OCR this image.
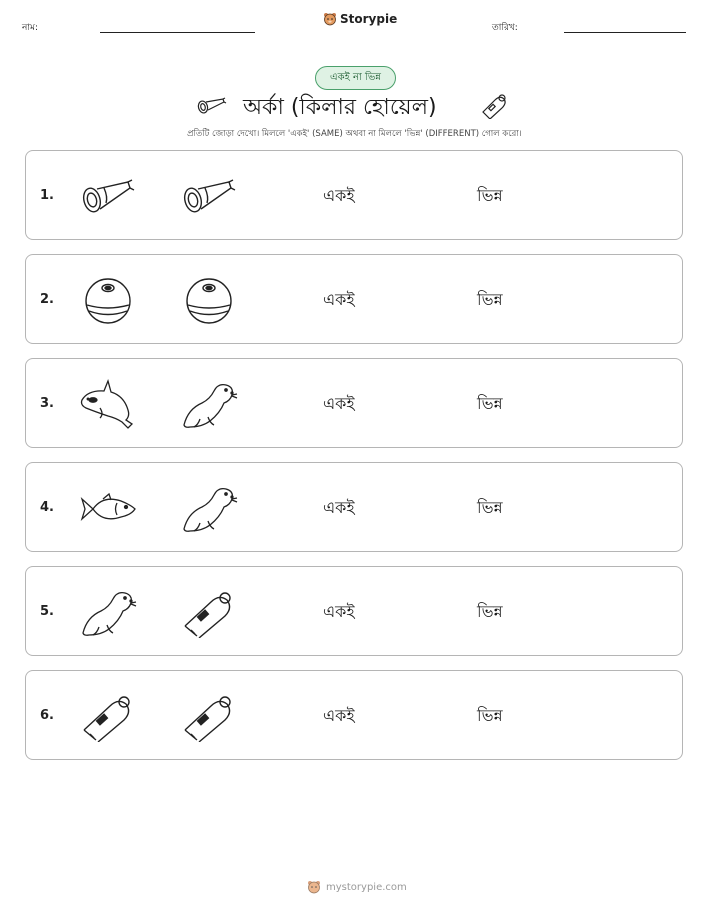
নাম:
Storypie
তারিখ:
একই না ভিন্ন
অর্কা (কিলার হোয়েল)
প্রতিটি জোড়া দেখো। মিললে 'একই' (SAME) অথবা না মিললে 'ভিন্ন' (DIFFERENT) গোল করো।
1.	একই	ভিন্ন
2.	একই	ভিন্ন
3.	একই	ভিন্ন
4.	একই	ভিন্ন
5.	একই	ভিন্ন
6.	একই	ভিন্ন
mystorypie.com
